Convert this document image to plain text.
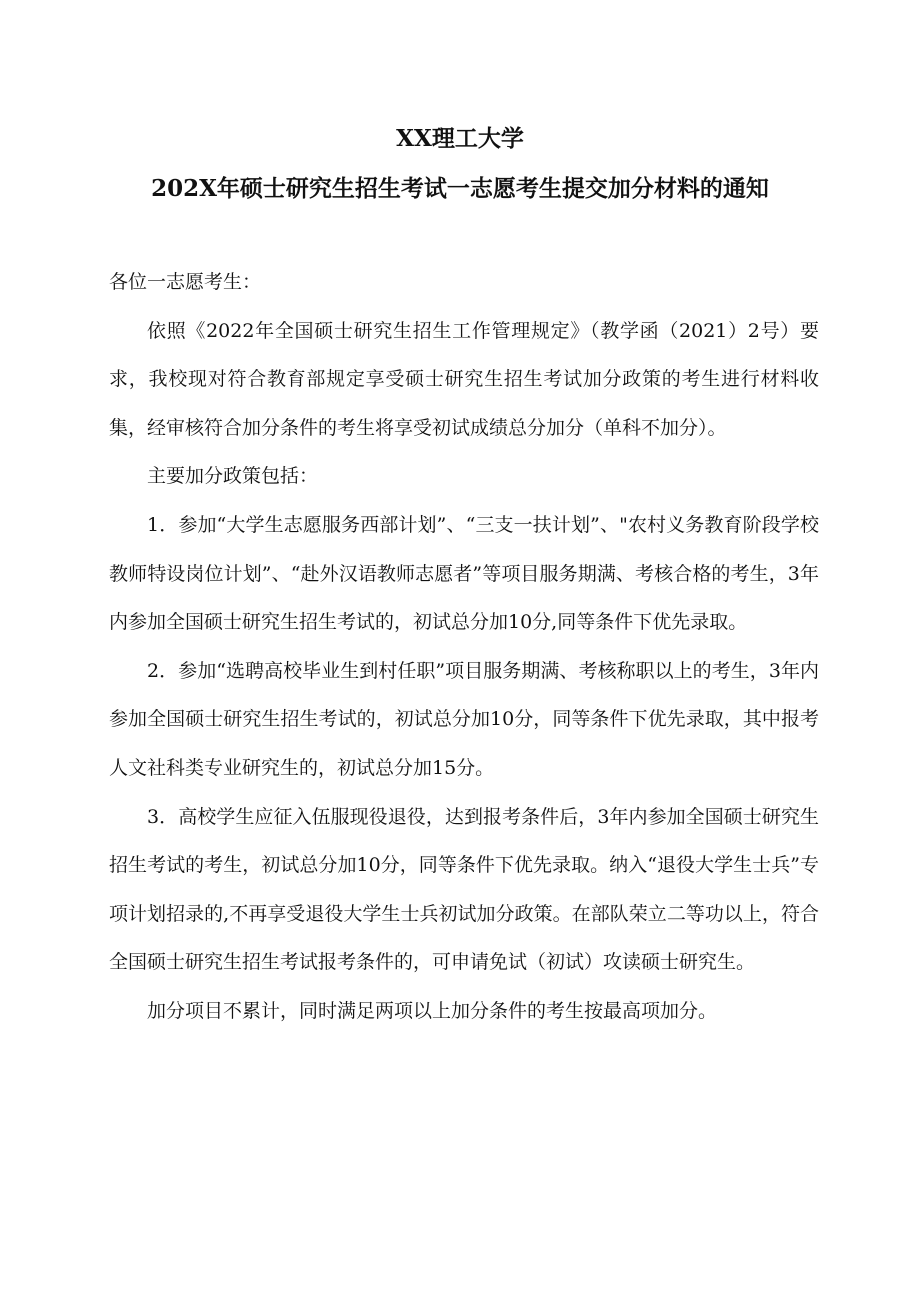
XX理工大学
202X年硕士研究生招生考试一志愿考生提交加分材料的通知

各位一志愿考生：

依照《2022年全国硕士研究生招生工作管理规定》（教学函（2021）2号）要求，我校现对符合教育部规定享受硕士研究生招生考试加分政策的考生进行材料收集，经审核符合加分条件的考生将享受初试成绩总分加分（单科不加分）。

主要加分政策包括：

1．参加“大学生志愿服务西部计划”、“三支一扶计划”、"农村义务教育阶段学校教师特设岗位计划”、“赴外汉语教师志愿者”等项目服务期满、考核合格的考生，3年内参加全国硕士研究生招生考试的，初试总分加10分,同等条件下优先录取。

2．参加“选聘高校毕业生到村任职”项目服务期满、考核称职以上的考生，3年内参加全国硕士研究生招生考试的，初试总分加10分，同等条件下优先录取，其中报考人文社科类专业研究生的，初试总分加15分。

3．高校学生应征入伍服现役退役，达到报考条件后，3年内参加全国硕士研究生招生考试的考生，初试总分加10分，同等条件下优先录取。纳入“退役大学生士兵”专项计划招录的,不再享受退役大学生士兵初试加分政策。在部队荣立二等功以上，符合全国硕士研究生招生考试报考条件的，可申请免试（初试）攻读硕士研究生。

加分项目不累计，同时满足两项以上加分条件的考生按最高项加分。
